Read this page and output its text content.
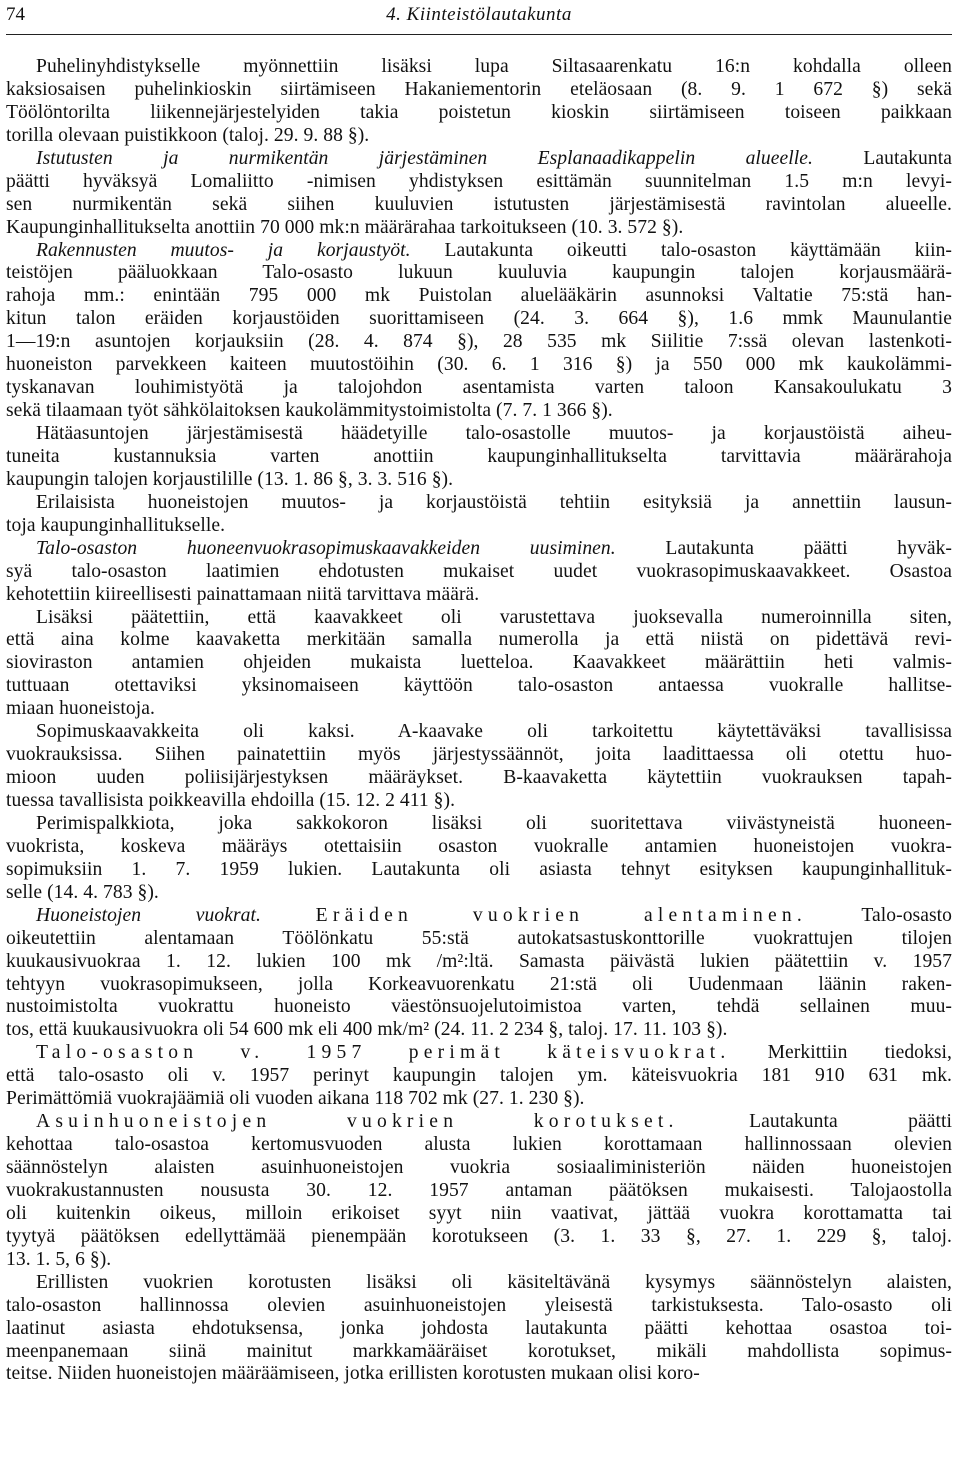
74	4. Kiinteistölautakunta
Puhelinyhdistykselle myönnettiin lisäksi lupa Siltasaarenkatu 16:n kohdalla olleen
kaksiosaisen puhelinkioskin siirtämiseen Hakaniementorin eteläosaan (8. 9. 1 672 §) sekä
Töölöntorilta liikennejärjestelyiden takia poistetun kioskin siirtämiseen toiseen paikkaan
torilla olevaan puistikkoon (taloj. 29. 9. 88 §).
Istutusten ja nurmikentän järjestäminen Esplanaadikappelin alueelle. Lautakunta
päätti hyväksyä Lomaliitto -nimisen yhdistyksen esittämän suunnitelman 1.5 m:n levyi-
sen nurmikentän sekä siihen kuuluvien istutusten järjestämisestä ravintolan alueelle.
Kaupunginhallitukselta anottiin 70 000 mk:n määrärahaa tarkoitukseen (10. 3. 572 §).
Rakennusten muutos- ja korjaustyöt. Lautakunta oikeutti talo-osaston käyttämään kiin-
teistöjen pääluokkaan Talo-osasto lukuun kuuluvia kaupungin talojen korjausmäärä-
rahoja mm.: enintään 795 000 mk Puistolan aluelääkärin asunnoksi Valtatie 75:stä han-
kitun talon eräiden korjaustöiden suorittamiseen (24. 3. 664 §), 1.6 mmk Maunulantie
1—19:n asuntojen korjauksiin (28. 4. 874 §), 28 535 mk Siilitie 7:ssä olevan lastenkoti-
huoneiston parvekkeen kaiteen muutostöihin (30. 6. 1 316 §) ja 550 000 mk kaukolämmi-
tyskanavan louhimistyötä ja talojohdon asentamista varten taloon Kansakoulukatu 3
sekä tilaamaan työt sähkölaitoksen kaukolämmitystoimistolta (7. 7. 1 366 §).
Hätäasuntojen järjestämisestä häädetyille talo-osastolle muutos- ja korjaustöistä aiheu-
tuneita kustannuksia varten anottiin kaupunginhallitukselta tarvittavia määrärahoja
kaupungin talojen korjaustilille (13. 1. 86 §, 3. 3. 516 §).
Erilaisista huoneistojen muutos- ja korjaustöistä tehtiin esityksiä ja annettiin lausun-
toja kaupunginhallitukselle.
Talo-osaston huoneenvuokrasopimuskaavakkeiden uusiminen. Lautakunta päätti hyväk-
syä talo-osaston laatimien ehdotusten mukaiset uudet vuokrasopimuskaavakkeet. Osastoa
kehotettiin kiireellisesti painattamaan niitä tarvittava määrä.
Lisäksi päätettiin, että kaavakkeet oli varustettava juoksevalla numeroinnilla siten,
että aina kolme kaavaketta merkitään samalla numerolla ja että niistä on pidettävä revi-
sioviraston antamien ohjeiden mukaista luetteloa. Kaavakkeet määrättiin heti valmis-
tuttuaan otettaviksi yksinomaiseen käyttöön talo-osaston antaessa vuokralle hallitse-
miaan huoneistoja.
Sopimuskaavakkeita oli kaksi. A-kaavake oli tarkoitettu käytettäväksi tavallisissa
vuokrauksissa. Siihen painatettiin myös järjestyssäännöt, joita laadittaessa oli otettu huo-
mioon uuden poliisijärjestyksen määräykset. B-kaavaketta käytettiin vuokrauksen tapah-
tuessa tavallisista poikkeavilla ehdoilla (15. 12. 2 411 §).
Perimispalkkiota, joka sakkokoron lisäksi oli suoritettava viivästyneistä huoneen-
vuokrista, koskeva määräys otettaisiin osaston vuokralle antamien huoneistojen vuokra-
sopimuksiin 1. 7. 1959 lukien. Lautakunta oli asiasta tehnyt esityksen kaupunginhallituk-
selle (14. 4. 783 §).
Huoneistojen vuokrat.	Eräiden vuokrien alentaminen. Talo-osasto
oikeutettiin alentamaan Töölönkatu 55:stä autokatsastuskonttorille vuokrattujen tilojen
kuukausivuokraa 1. 12. lukien 100 mk /m²:ltä. Samasta päivästä lukien päätettiin v. 1957
tehtyyn vuokrasopimukseen, jolla Korkeavuorenkatu 21:stä oli Uudenmaan läänin raken-
nustoimistolta vuokrattu huoneisto väestönsuojelutoimistoa varten, tehdä sellainen muu-
tos, että kuukausivuokra oli 54 600 mk eli 400 mk/m² (24. 11. 2 234 §, taloj. 17. 11. 103 §).
Talo-osaston v. 1957 perimät käteisvuokrat. Merkittiin tiedoksi,
että talo-osasto oli v. 1957 perinyt kaupungin talojen ym. käteisvuokria 181 910 631 mk.
Perimättömiä vuokrajäämiä oli vuoden aikana 118 702 mk (27. 1. 230 §).
Asuinhuoneistojen vuokrien korotukset. Lautakunta päätti
kehottaa talo-osastoa kertomusvuoden alusta lukien korottamaan hallinnossaan olevien
säännöstelyn alaisten asuinhuoneistojen vuokria sosiaaliministeriön näiden huoneistojen
vuokrakustannusten noususta 30. 12. 1957 antaman päätöksen mukaisesti. Talojaostolla
oli kuitenkin oikeus, milloin erikoiset syyt niin vaativat, jättää vuokra korottamatta tai
tyytyä päätöksen edellyttämää pienempään korotukseen (3. 1. 33 §, 27. 1. 229 §, taloj.
13. 1. 5, 6 §).
Erillisten vuokrien korotusten lisäksi oli käsiteltävänä kysymys säännöstelyn alaisten,
talo-osaston hallinnossa olevien asuinhuoneistojen yleisestä tarkistuksesta. Talo-osasto oli
laatinut asiasta ehdotuksensa, jonka johdosta lautakunta päätti kehottaa osastoa toi-
meenpanemaan siinä mainitut markkamääräiset korotukset, mikäli mahdollista sopimus-
teitse. Niiden huoneistojen määräämiseen, jotka erillisten korotusten mukaan olisi koro-
